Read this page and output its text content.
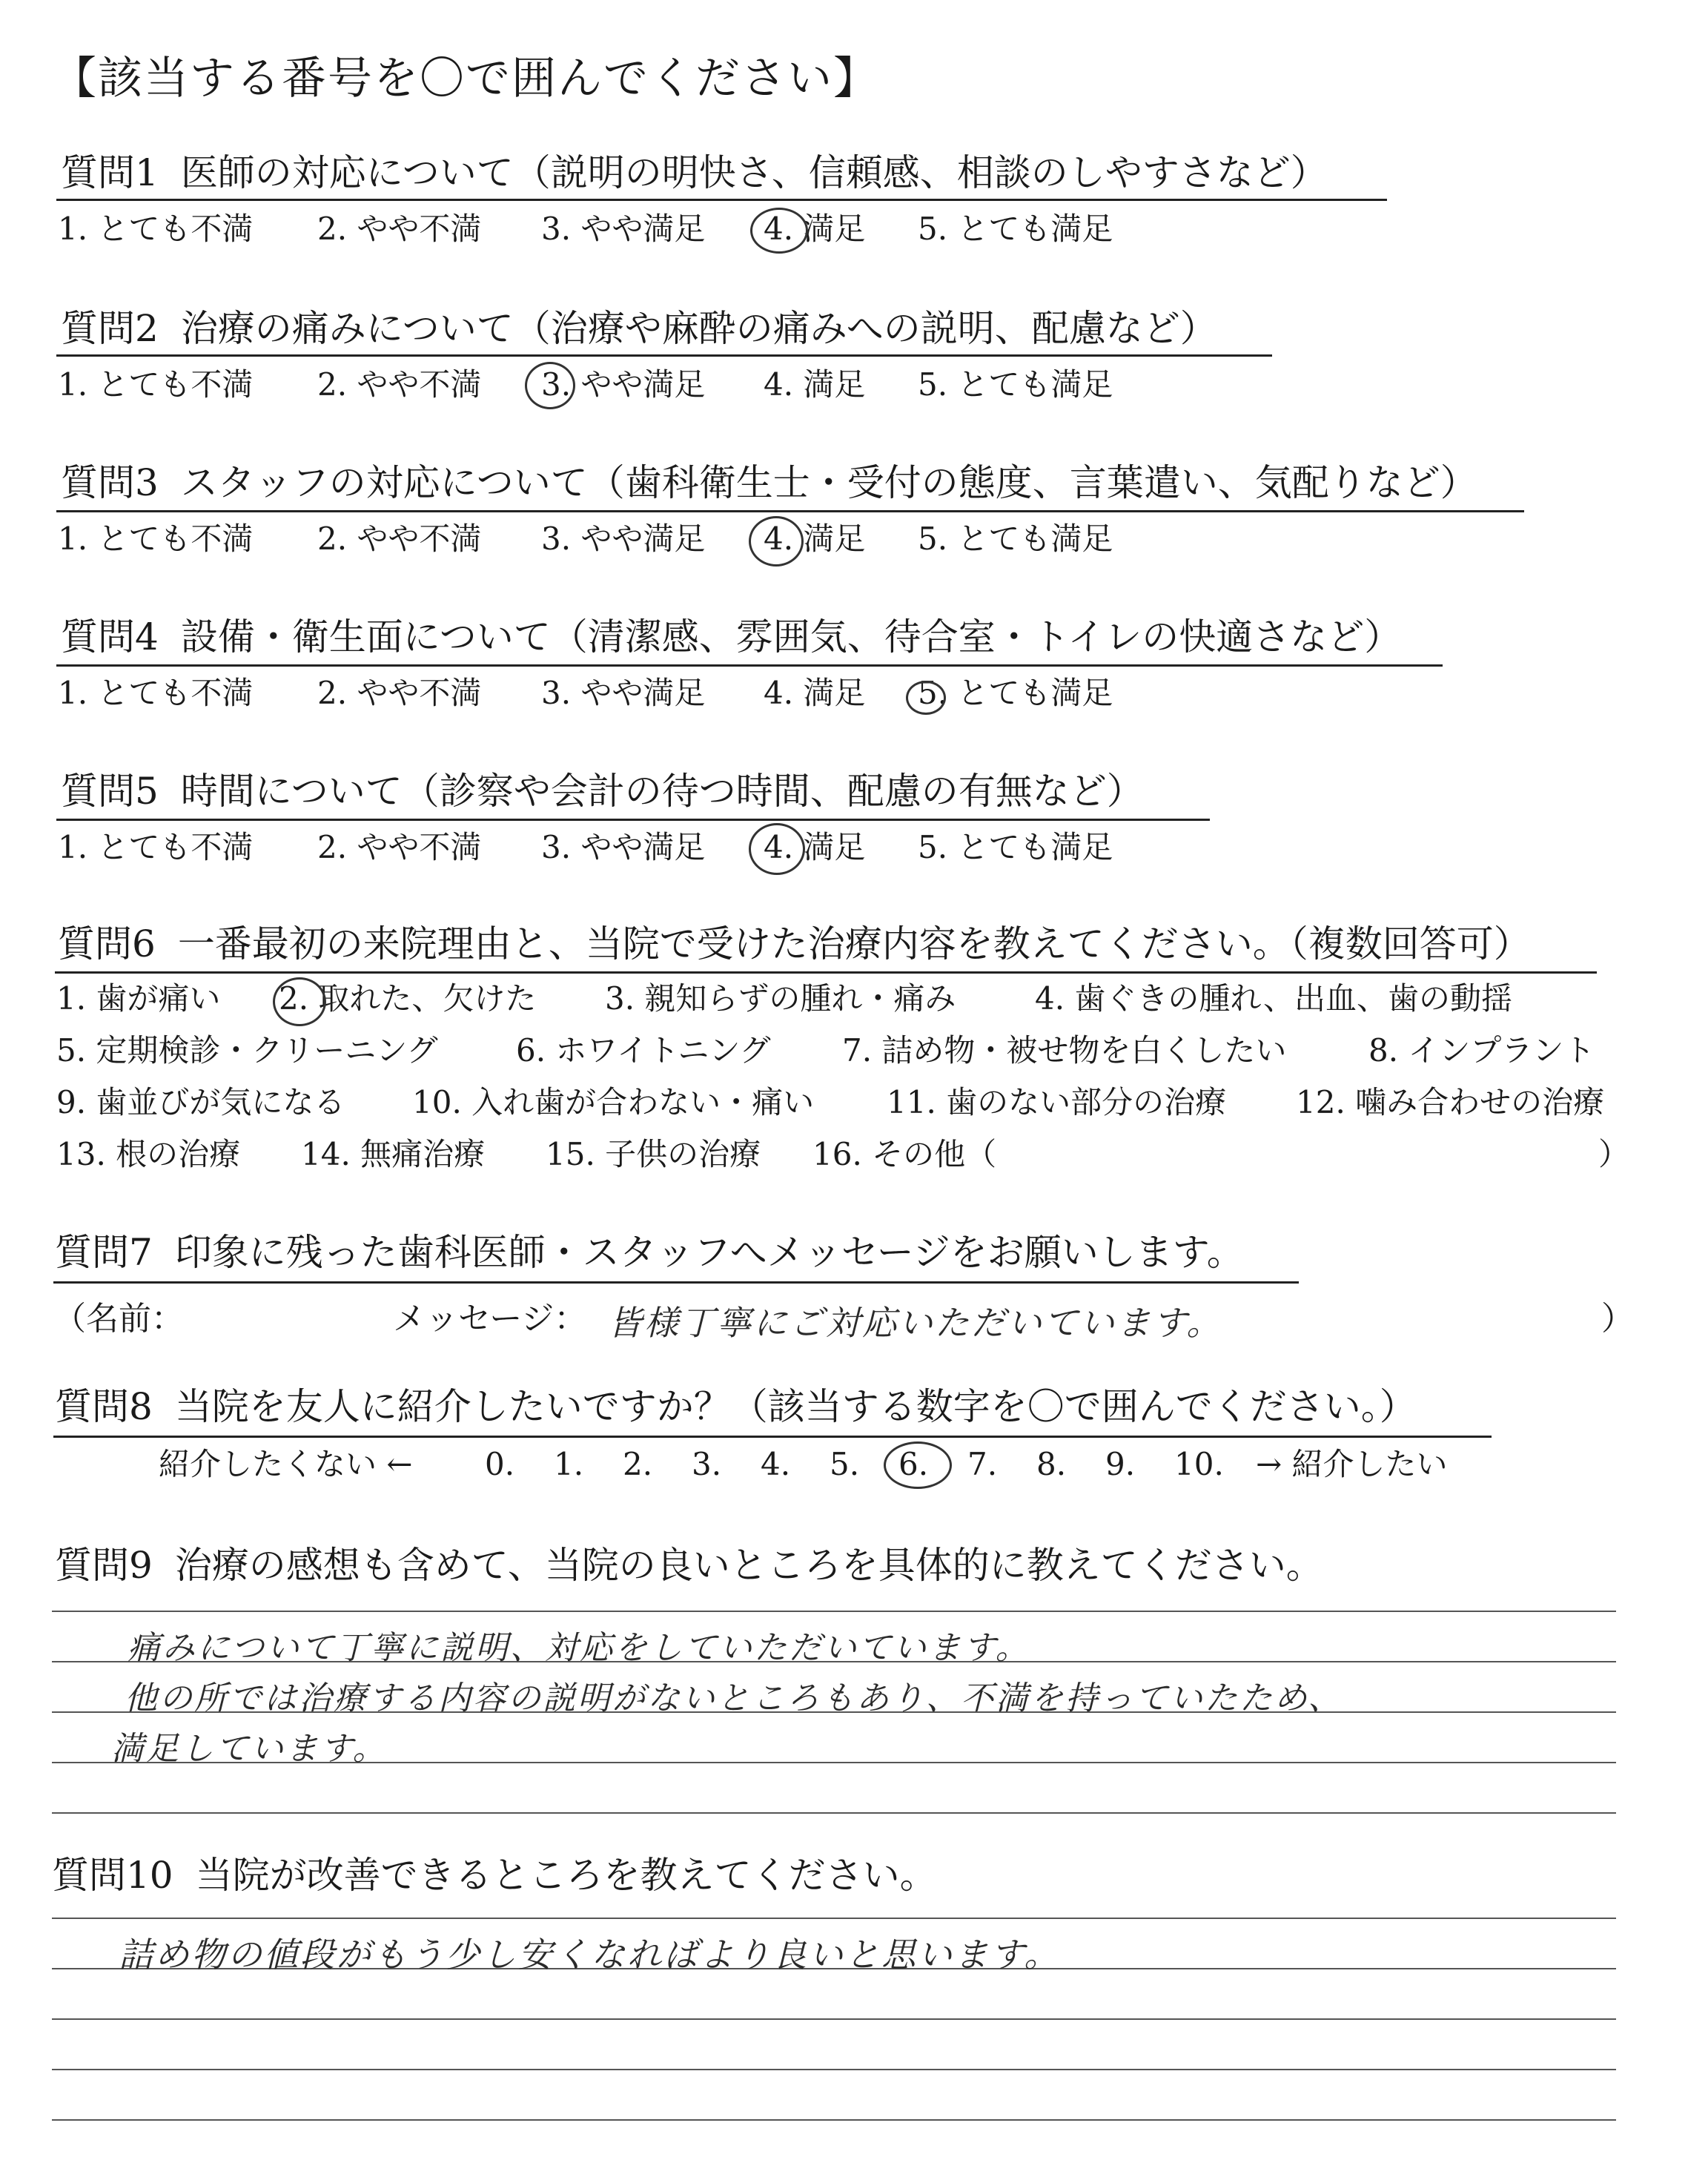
【該当する番号を〇で囲んでください】
質問1 医師の対応について（説明の明快さ、信頼感、相談のしやすさなど）
1. とても不満 2. やや不満 3. やや満足 4. 満足 5. とても満足
質問2 治療の痛みについて（治療や麻酔の痛みへの説明、配慮など）
1. とても不満 2. やや不満 3. やや満足 4. 満足 5. とても満足
質問3 スタッフの対応について（歯科衛生士・受付の態度、言葉遣い、気配りなど）
1. とても不満 2. やや不満 3. やや満足 4. 満足 5. とても満足
質問4 設備・衛生面について（清潔感、雰囲気、待合室・トイレの快適さなど）
1. とても不満 2. やや不満 3. やや満足 4. 満足 5. とても満足
質問5 時間について（診察や会計の待つ時間、配慮の有無など）
1. とても不満 2. やや不満 3. やや満足 4. 満足 5. とても満足
質問6 一番最初の来院理由と、当院で受けた治療内容を教えてください。（複数回答可）
1. 歯が痛い 2. 取れた、欠けた 3. 親知らずの腫れ・痛み	4. 歯ぐきの腫れ、出血、歯の動揺
5. 定期検診・クリーニング	6. ホワイトニング 7. 詰め物・被せ物を白くしたい	8. インプラント
9. 歯並びが気になる 10. 入れ歯が合わない・痛い 11. 歯のない部分の治療 12. 噛み合わせの治療
13. 根の治療 14. 無痛治療 15. 子供の治療 16. その他（	）
質問7 印象に残った歯科医師・スタッフへメッセージをお願いします。
（名前：	メッセージ： 皆様丁寧にご対応いただいています。	）
質問8 当院を友人に紹介したいですか？（該当する数字を〇で囲んでください。）
紹介したくない ← 0. 1. 2. 3. 4. 5. 6. 7. 8. 9. 10. → 紹介したい
質問9 治療の感想も含めて、当院の良いところを具体的に教えてください。
痛みについて丁寧に説明、対応をしていただいています。
他の所では治療する内容の説明がないところもあり、不満を持っていたため、
満足しています。
質問10 当院が改善できるところを教えてください。
詰め物の値段がもう少し安くなればより良いと思います。
